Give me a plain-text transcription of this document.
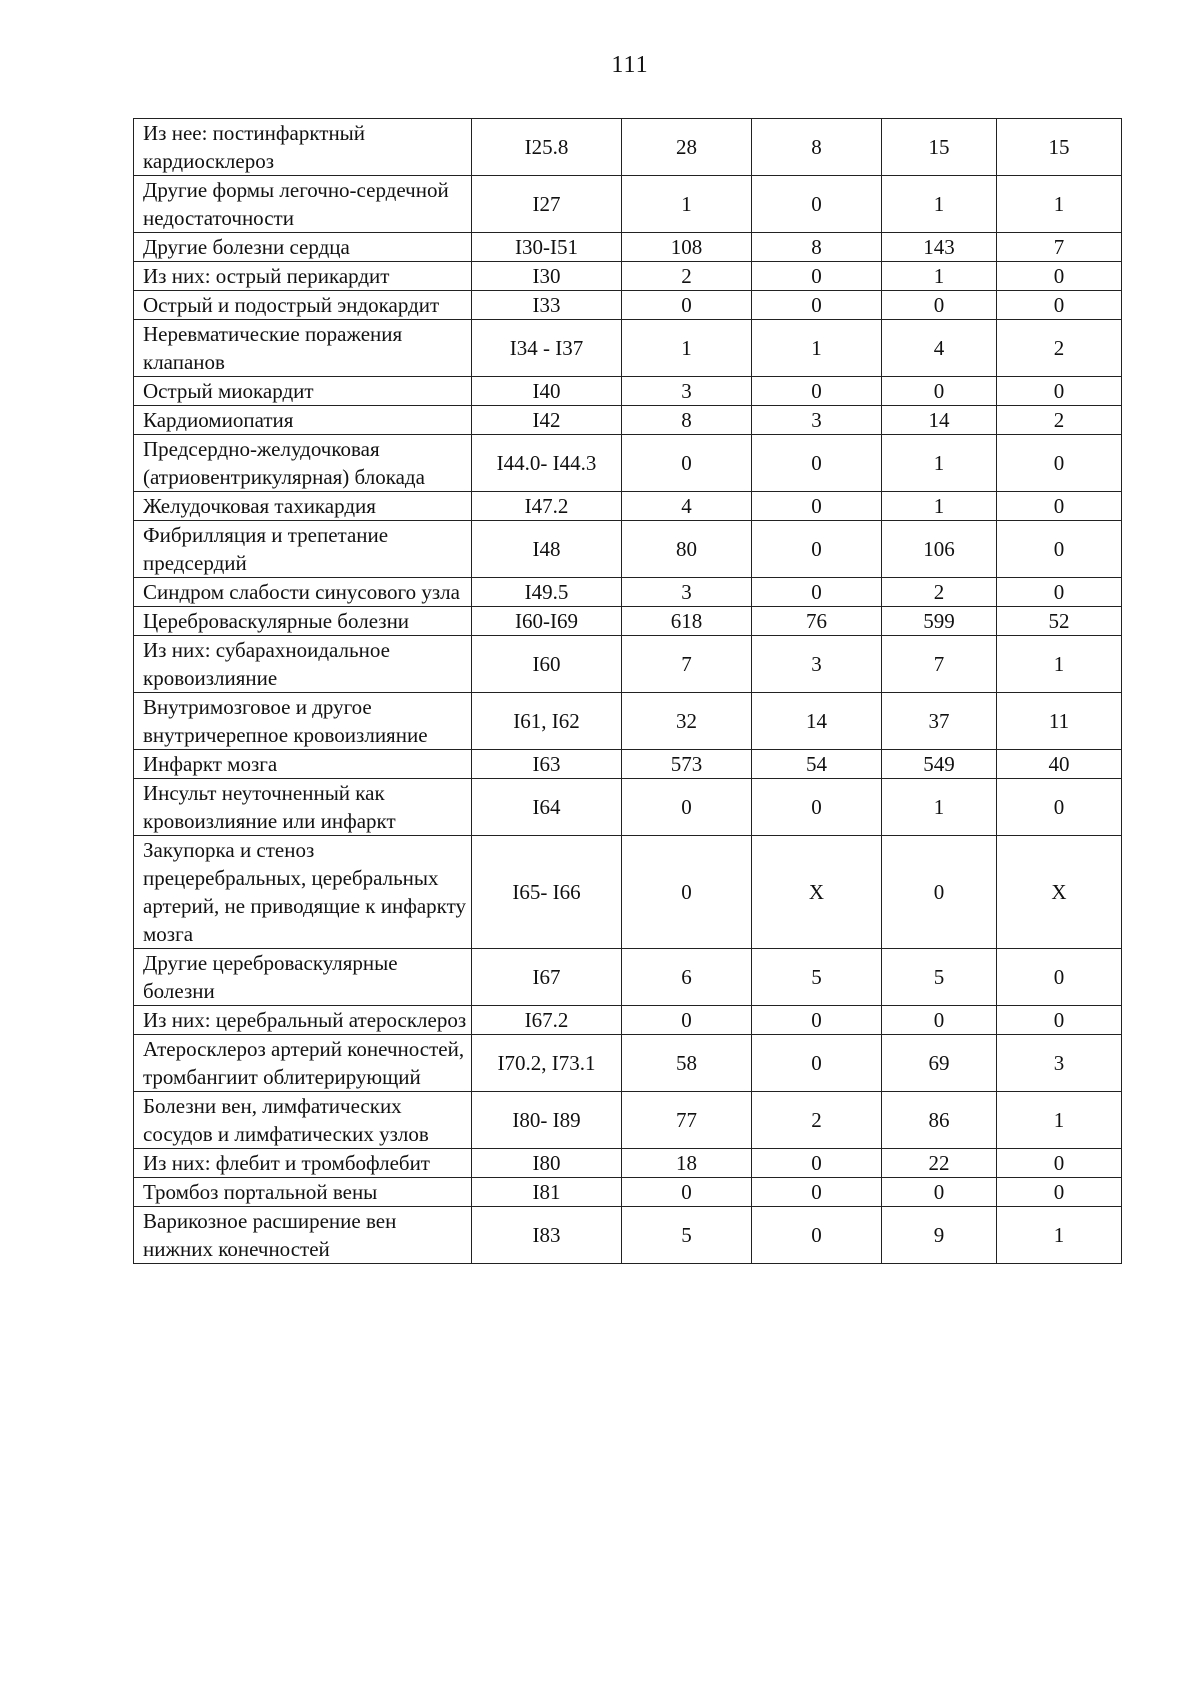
111
Из нее: постинфарктный кардиосклероз	I25.8	28	8	15	15
Другие формы легочно-сердечной недостаточности	I27	1	0	1	1
Другие болезни сердца	I30-I51	108	8	143	7
Из них: острый перикардит	I30	2	0	1	0
Острый и подострый эндокардит	I33	0	0	0	0
Неревматические поражения клапанов	I34 - I37	1	1	4	2
Острый миокардит	I40	3	0	0	0
Кардиомиопатия	I42	8	3	14	2
Предсердно-желудочковая (атриовентрикулярная) блокада	I44.0- I44.3	0	0	1	0
Желудочковая тахикардия	I47.2	4	0	1	0
Фибрилляция и трепетание предсердий	I48	80	0	106	0
Синдром слабости синусового узла	I49.5	3	0	2	0
Цереброваскулярные болезни	I60-I69	618	76	599	52
Из них: субарахноидальное кровоизлияние	I60	7	3	7	1
Внутримозговое и другое внутричерепное кровоизлияние	I61, I62	32	14	37	11
Инфаркт мозга	I63	573	54	549	40
Инсульт неуточненный как кровоизлияние или инфаркт	I64	0	0	1	0
Закупорка и стеноз прецеребральных, церебральных артерий, не приводящие к инфаркту мозга	I65- I66	0	X	0	X
Другие цереброваскулярные болезни	I67	6	5	5	0
Из них: церебральный атеросклероз	I67.2	0	0	0	0
Атеросклероз артерий конечностей, тромбангиит облитерирующий	I70.2, I73.1	58	0	69	3
Болезни вен, лимфатических сосудов и лимфатических узлов	I80- I89	77	2	86	1
Из них: флебит и тромбофлебит	I80	18	0	22	0
Тромбоз портальной вены	I81	0	0	0	0
Варикозное расширение вен нижних конечностей	I83	5	0	9	1
